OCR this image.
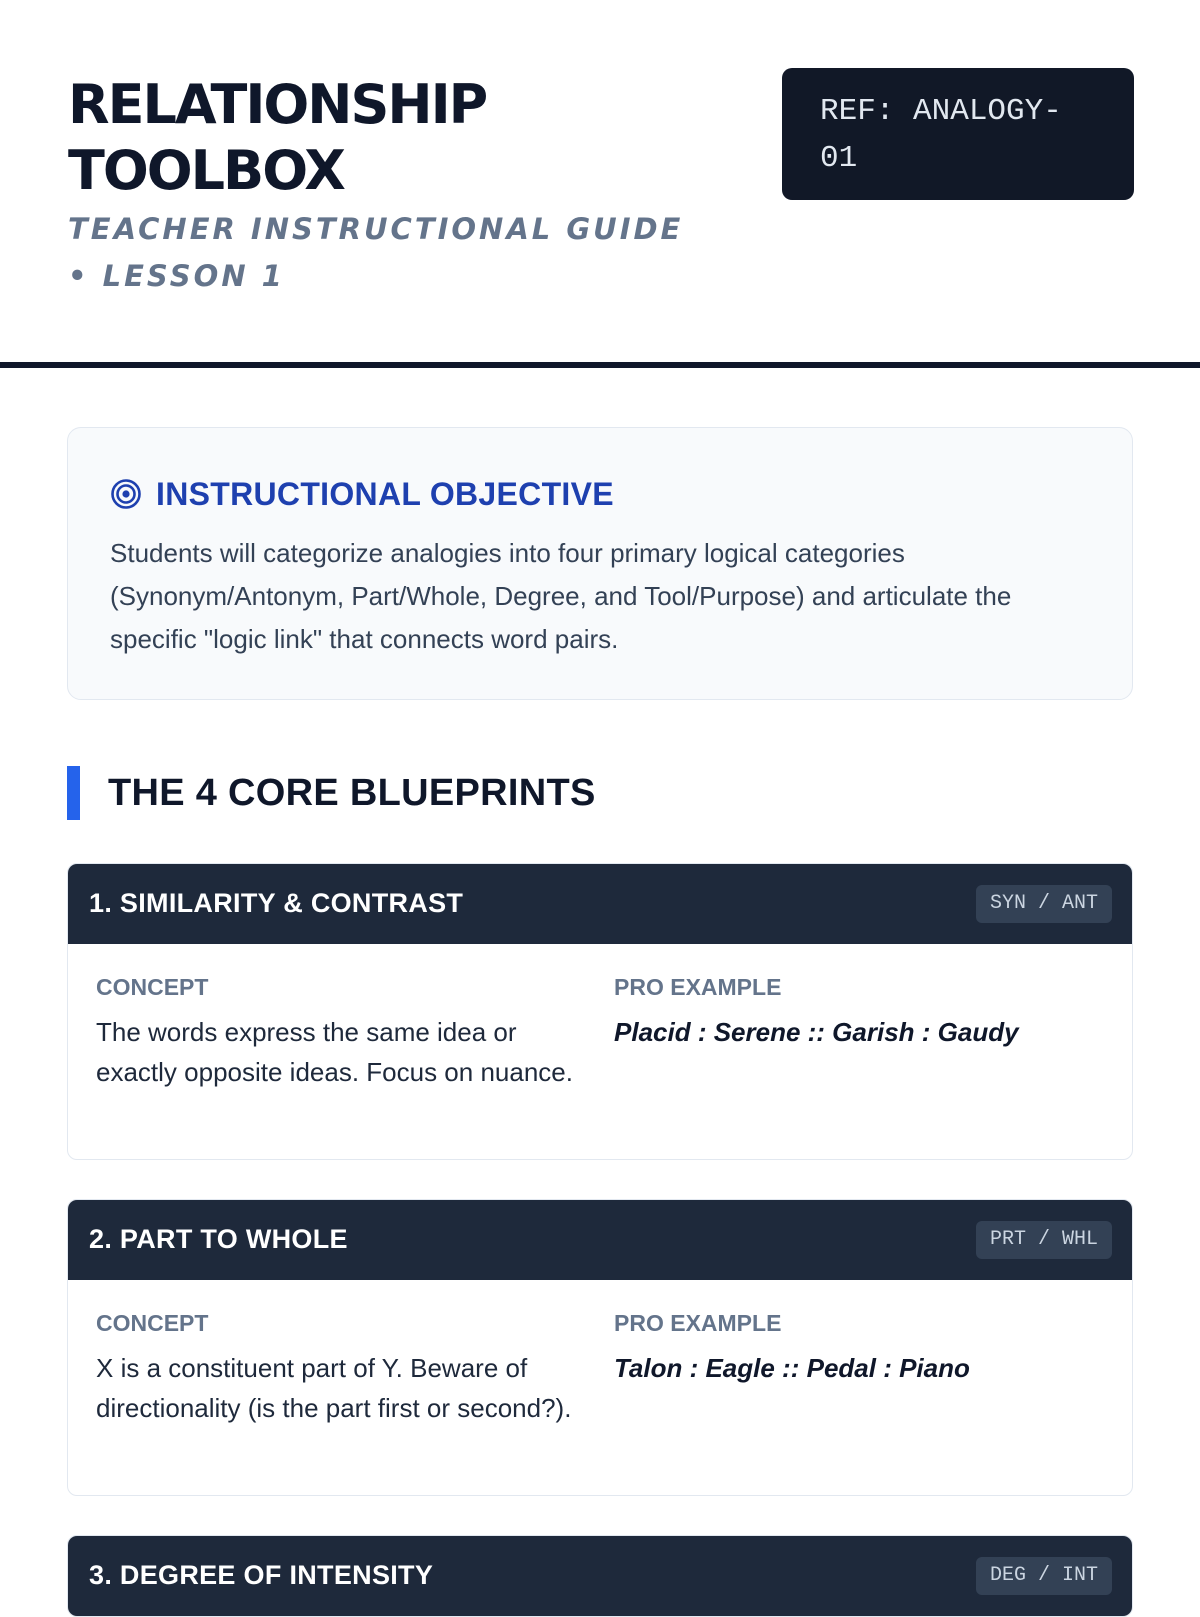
RELATIONSHIP TOOLBOX
TEACHER INSTRUCTIONAL GUIDE • LESSON 1
REF: ANALOGY-01
INSTRUCTIONAL OBJECTIVE
Students will categorize analogies into four primary logical categories (Synonym/Antonym, Part/Whole, Degree, and Tool/Purpose) and articulate the specific "logic link" that connects word pairs.
THE 4 CORE BLUEPRINTS
1. SIMILARITY & CONTRAST	SYN / ANT
CONCEPT	PRO EXAMPLE
The words express the same idea or exactly opposite ideas. Focus on nuance.
Placid : Serene :: Garish : Gaudy
2. PART TO WHOLE	PRT / WHL
CONCEPT	PRO EXAMPLE
X is a constituent part of Y. Beware of directionality (is the part first or second?).
Talon : Eagle :: Pedal : Piano
3. DEGREE OF INTENSITY	DEG / INT
